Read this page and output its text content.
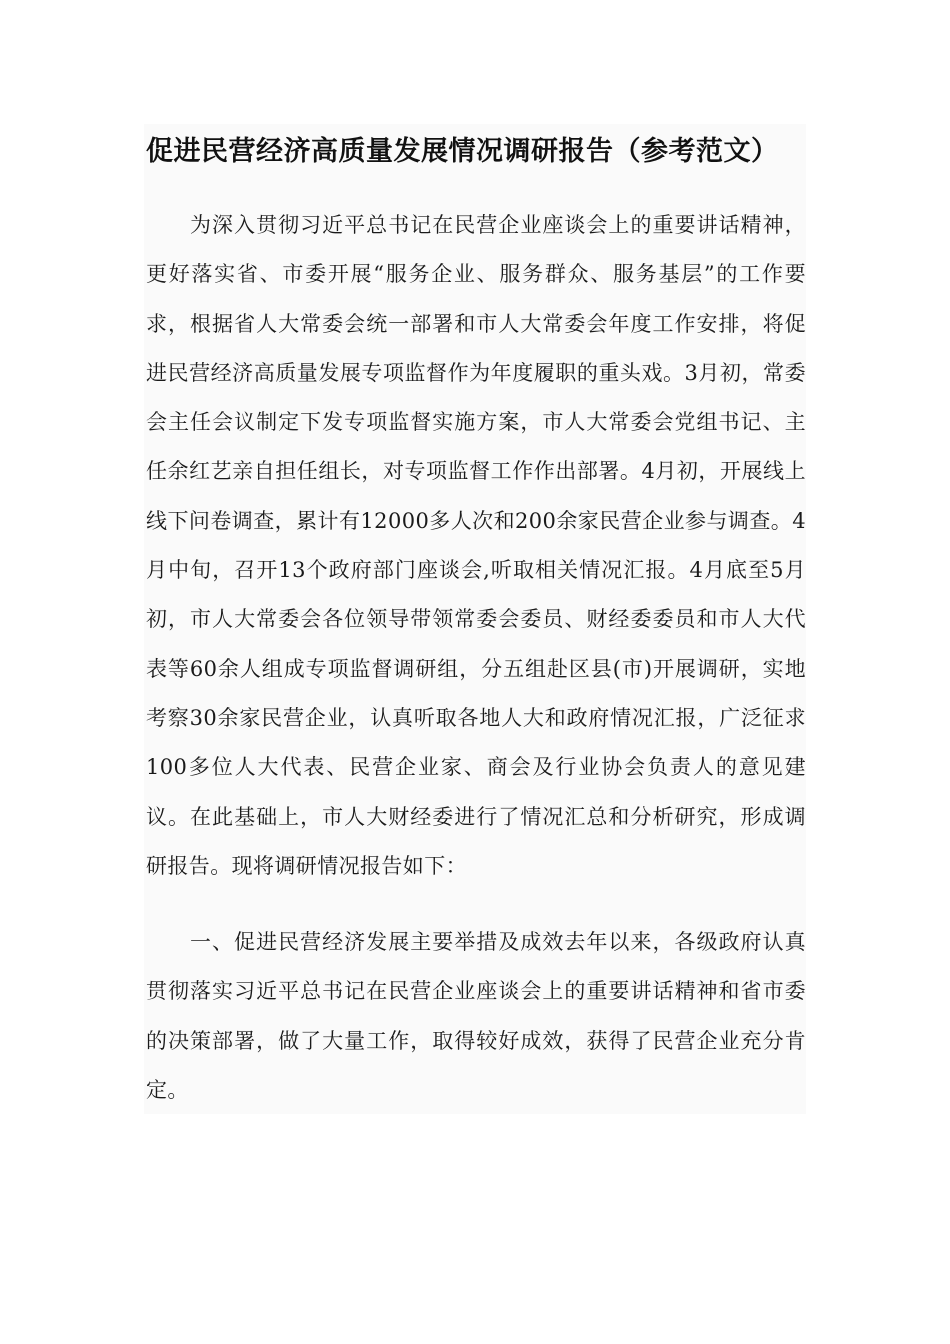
促进民营经济高质量发展情况调研报告（参考范文）

为深入贯彻习近平总书记在民营企业座谈会上的重要讲话精神，更好落实省、市委开展“服务企业、服务群众、服务基层”的工作要求，根据省人大常委会统一部署和市人大常委会年度工作安排，将促进民营经济高质量发展专项监督作为年度履职的重头戏。3月初，常委会主任会议制定下发专项监督实施方案，市人大常委会党组书记、主任余红艺亲自担任组长，对专项监督工作作出部署。4月初，开展线上线下问卷调查，累计有12000多人次和200余家民营企业参与调查。4月中旬，召开13个政府部门座谈会,听取相关情况汇报。4月底至5月初，市人大常委会各位领导带领常委会委员、财经委委员和市人大代表等60余人组成专项监督调研组，分五组赴区县(市)开展调研，实地考察30余家民营企业，认真听取各地人大和政府情况汇报，广泛征求100多位人大代表、民营企业家、商会及行业协会负责人的意见建议。在此基础上，市人大财经委进行了情况汇总和分析研究，形成调研报告。现将调研情况报告如下：

一、促进民营经济发展主要举措及成效去年以来，各级政府认真贯彻落实习近平总书记在民营企业座谈会上的重要讲话精神和省市委的决策部署，做了大量工作，取得较好成效，获得了民营企业充分肯定。
